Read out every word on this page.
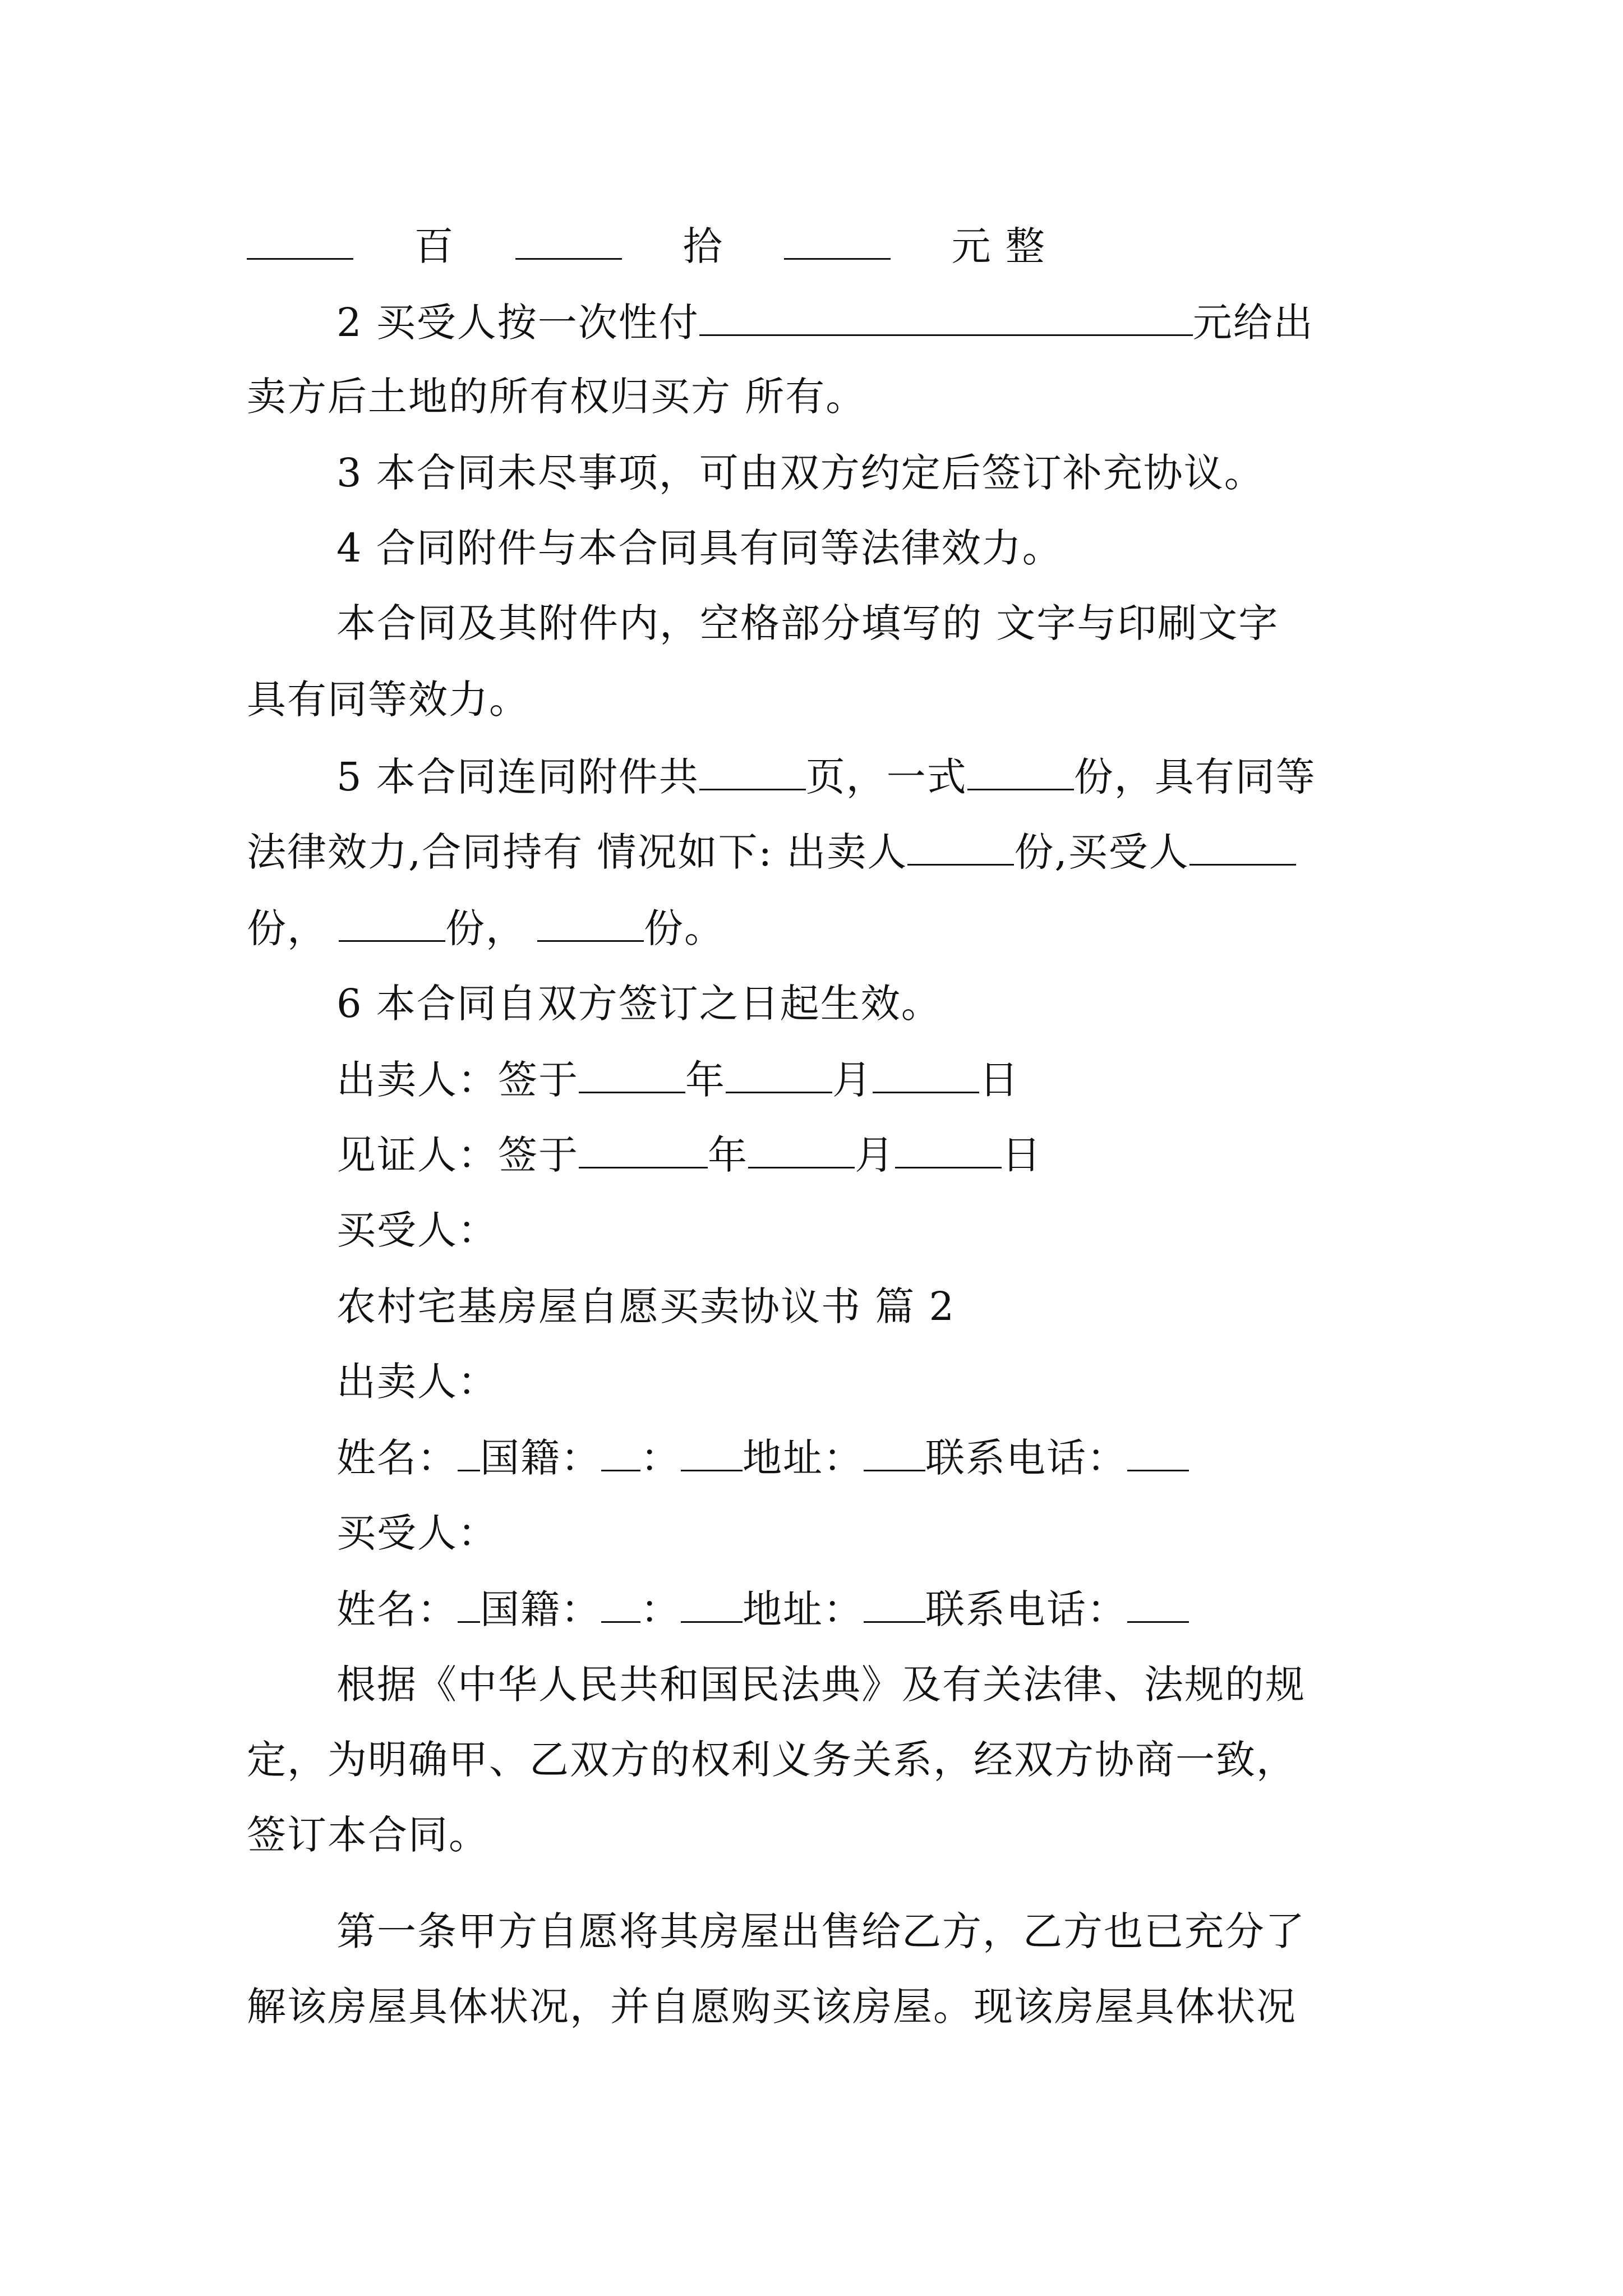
百	拾	元 整
2 买受人按一次性付	元给出
卖方后土地的所有权归买方 所有。
3 本合同未尽事项，可由双方约定后签订补充协议。
4 合同附件与本合同具有同等法律效力。
本合同及其附件内，空格部分填写的 文字与印刷文字
具有同等效力。
5 本合同连同附件共	页，一式	份，具有同等
法律效力,合同持有 情况如下: 出卖人	份,买受人
份，	份，	份。
6 本合同自双方签订之日起生效。
出卖人：签于	年	月	日
见证人：签于	年	月	日
买受人：
农村宅基房屋自愿买卖协议书 篇 2
出卖人：
姓名： 国籍： ： 地址： 联系电话：
买受人：
姓名： 国籍： ： 地址： 联系电话：
根据《中华人民共和国民法典》及有关法律、法规的规
定，为明确甲、乙双方的权利义务关系，经双方协商一致，
签订本合同。
第一条甲方自愿将其房屋出售给乙方，乙方也已充分了
解该房屋具体状况，并自愿购买该房屋。现该房屋具体状况
